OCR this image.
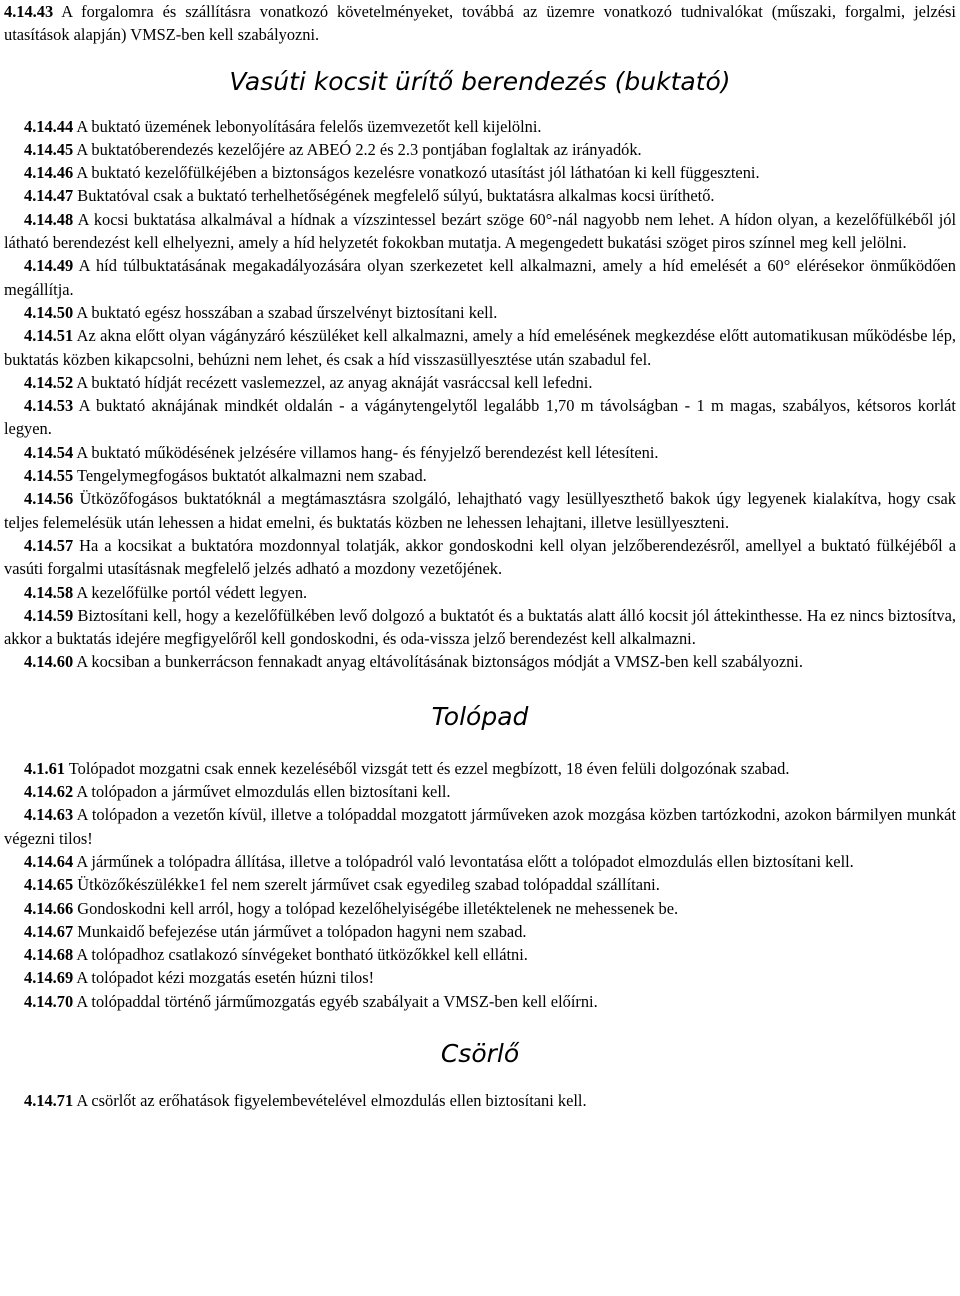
4.14.43 A forgalomra és szállításra vonatkozó követelményeket, továbbá az üzemre vonatkozó tudnivalókat (műszaki, forgalmi, jelzési utasítások alapján) VMSZ-ben kell szabályozni.

Vasúti kocsit ürítő berendezés (buktató)

4.14.44 A buktató üzemének lebonyolítására felelős üzemvezetőt kell kijelölni.

4.14.45 A buktatóberendezés kezelőjére az ABEÓ 2.2 és 2.3 pontjában foglaltak az irányadók.

4.14.46 A buktató kezelőfülkéjében a biztonságos kezelésre vonatkozó utasítást jól láthatóan ki kell függeszteni.

4.14.47 Buktatóval csak a buktató terhelhetőségének megfelelő súlyú, buktatásra alkalmas kocsi üríthető.

4.14.48 A kocsi buktatása alkalmával a hídnak a vízszintessel bezárt szöge 60°-nál nagyobb nem lehet. A hídon olyan, a kezelőfülkéből jól látható berendezést kell elhelyezni, amely a híd helyzetét fokokban mutatja. A megengedett bukatási szöget piros színnel meg kell jelölni.

4.14.49 A híd túlbuktatásának megakadályozására olyan szerkezetet kell alkalmazni, amely a híd emelését a 60° elérésekor önműködően megállítja.

4.14.50 A buktató egész hosszában a szabad űrszelvényt biztosítani kell.

4.14.51 Az akna előtt olyan vágányzáró készüléket kell alkalmazni, amely a híd emelésének megkezdése előtt automatikusan működésbe lép, buktatás közben kikapcsolni, behúzni nem lehet, és csak a híd visszasüllyesztése után szabadul fel.

4.14.52 A buktató hídját recézett vaslemezzel, az anyag aknáját vasráccsal kell lefedni.

4.14.53 A buktató aknájának mindkét oldalán - a vágánytengelytől legalább 1,70 m távolságban - 1 m magas, szabályos, kétsoros korlát legyen.

4.14.54 A buktató működésének jelzésére villamos hang- és fényjelző berendezést kell létesíteni.

4.14.55 Tengelymegfogásos buktatót alkalmazni nem szabad.

4.14.56 Ütközőfogásos buktatóknál a megtámasztásra szolgáló, lehajtható vagy lesüllyeszthető bakok úgy legyenek kialakítva, hogy csak teljes felemelésük után lehessen a hidat emelni, és buktatás közben ne lehessen lehajtani, illetve lesüllyeszteni.

4.14.57 Ha a kocsikat a buktatóra mozdonnyal tolatják, akkor gondoskodni kell olyan jelzőberendezésről, amellyel a buktató fülkéjéből a vasúti forgalmi utasításnak megfelelő jelzés adható a mozdony vezetőjének.

4.14.58 A kezelőfülke portól védett legyen.

4.14.59 Biztosítani kell, hogy a kezelőfülkében levő dolgozó a buktatót és a buktatás alatt álló kocsit jól áttekinthesse. Ha ez nincs biztosítva, akkor a buktatás idejére megfigyelőről kell gondoskodni, és oda-vissza jelző berendezést kell alkalmazni.

4.14.60 A kocsiban a bunkerrácson fennakadt anyag eltávolításának biztonságos módját a VMSZ-ben kell szabályozni.

Tolópad

4.1.61 Tolópadot mozgatni csak ennek kezeléséből vizsgát tett és ezzel megbízott, 18 éven felüli dolgozónak szabad.

4.14.62 A tolópadon a járművet elmozdulás ellen biztosítani kell.

4.14.63 A tolópadon a vezetőn kívül, illetve a tolópaddal mozgatott járműveken azok mozgása közben tartózkodni, azokon bármilyen munkát végezni tilos!

4.14.64 A járműnek a tolópadra állítása, illetve a tolópadról való levontatása előtt a tolópadot elmozdulás ellen biztosítani kell.

4.14.65 Ütközőkészülékke1 fel nem szerelt járművet csak egyedileg szabad tolópaddal szállítani.

4.14.66 Gondoskodni kell arról, hogy a tolópad kezelőhelyiségébe illetéktelenek ne mehessenek be.

4.14.67 Munkaidő befejezése után járművet a tolópadon hagyni nem szabad.

4.14.68 A tolópadhoz csatlakozó sínvégeket bontható ütközőkkel kell ellátni.

4.14.69 A tolópadot kézi mozgatás esetén húzni tilos!

4.14.70 A tolópaddal történő járműmozgatás egyéb szabályait a VMSZ-ben kell előírni.

Csörlő

4.14.71 A csörlőt az erőhatások figyelembevételével elmozdulás ellen biztosítani kell.
